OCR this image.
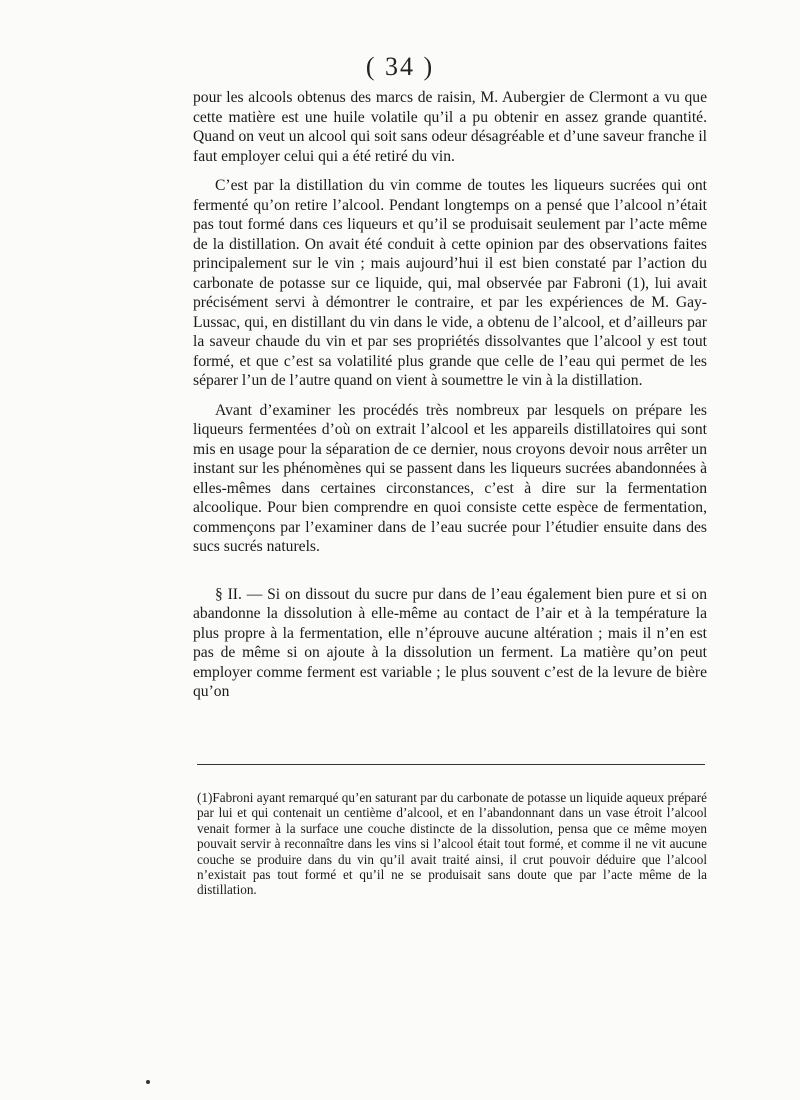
( 34 )

pour les alcools obtenus des marcs de raisin, M. Aubergier de Clermont a vu que cette matière est une huile volatile qu’il a pu obtenir en assez grande quantité. Quand on veut un alcool qui soit sans odeur désagréable et d’une saveur franche il faut employer celui qui a été retiré du vin.

C’est par la distillation du vin comme de toutes les liqueurs sucrées qui ont fermenté qu’on retire l’alcool. Pendant longtemps on a pensé que l’alcool n’était pas tout formé dans ces liqueurs et qu’il se produisait seulement par l’acte même de la distillation. On avait été conduit à cette opinion par des observations faites principalement sur le vin ; mais aujourd’hui il est bien constaté par l’action du carbonate de potasse sur ce liquide, qui, mal observée par Fabroni (1), lui avait précisément servi à démontrer le contraire, et par les expériences de M. Gay-Lussac, qui, en distillant du vin dans le vide, a obtenu de l’alcool, et d’ailleurs par la saveur chaude du vin et par ses propriétés dissolvantes que l’alcool y est tout formé, et que c’est sa volatilité plus grande que celle de l’eau qui permet de les séparer l’un de l’autre quand on vient à soumettre le vin à la distillation.

Avant d’examiner les procédés très nombreux par lesquels on prépare les liqueurs fermentées d’où on extrait l’alcool et les appareils distillatoires qui sont mis en usage pour la séparation de ce dernier, nous croyons devoir nous arrêter un instant sur les phénomènes qui se passent dans les liqueurs sucrées abandonnées à elles-mêmes dans certaines circonstances, c’est à dire sur la fermentation alcoolique. Pour bien comprendre en quoi consiste cette espèce de fermentation, commençons par l’examiner dans de l’eau sucrée pour l’étudier ensuite dans des sucs sucrés naturels.

§ II. — Si on dissout du sucre pur dans de l’eau également bien pure et si on abandonne la dissolution à elle-même au contact de l’air et à la température la plus propre à la fermentation, elle n’éprouve aucune altération ; mais il n’en est pas de même si on ajoute à la dissolution un ferment. La matière qu’on peut employer comme ferment est variable ; le plus souvent c’est de la levure de bière qu’on

(1)Fabroni ayant remarqué qu’en saturant par du carbonate de potasse un liquide aqueux préparé par lui et qui contenait un centième d’alcool, et en l’abandonnant dans un vase étroit l’alcool venait former à la surface une couche distincte de la dissolution, pensa que ce même moyen pouvait servir à reconnaître dans les vins si l’alcool était tout formé, et comme il ne vit aucune couche se produire dans du vin qu’il avait traité ainsi, il crut pouvoir déduire que l’alcool n’existait pas tout formé et qu’il ne se produisait sans doute que par l’acte même de la distillation.
